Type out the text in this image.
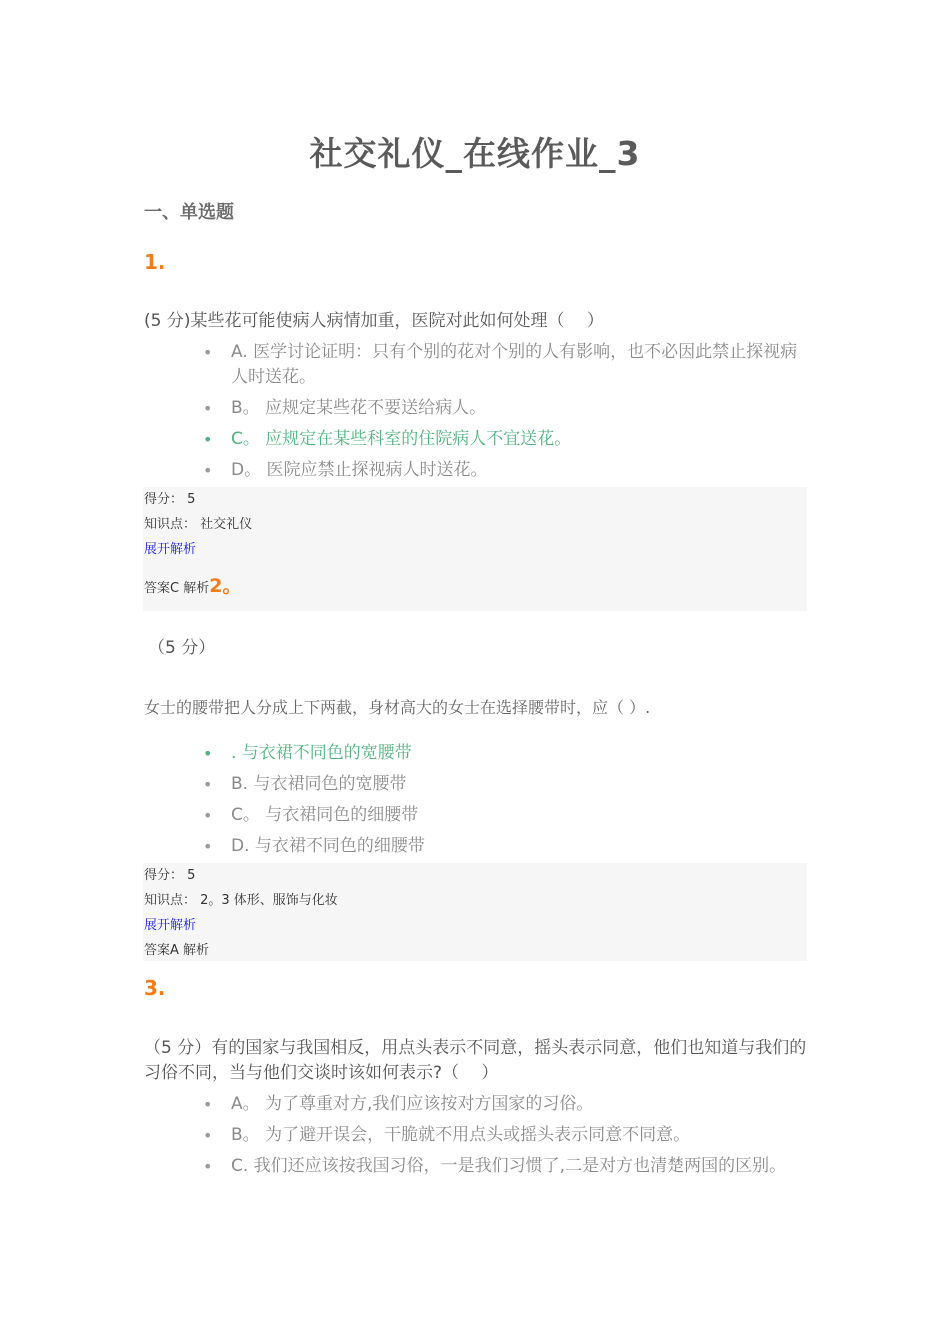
社交礼仪_在线作业_3
一、单选题
1.
(5 分)某些花可能使病人病情加重，医院对此如何处理（　 ）
• A. 医学讨论证明：只有个别的花对个别的人有影响，也不必因此禁止探视病人时送花。
• B。 应规定某些花不要送给病人。
• C。 应规定在某些科室的住院病人不宜送花。
• D。 医院应禁止探视病人时送花。
得分： 5
知识点： 社交礼仪
展开解析
答案C 解析2。
（5 分）
女士的腰带把人分成上下两截，身材高大的女士在选择腰带时，应（ ）.
• . 与衣裙不同色的宽腰带
• B. 与衣裙同色的宽腰带
• C。 与衣裙同色的细腰带
• D. 与衣裙不同色的细腰带
得分： 5
知识点： 2。3 体形、服饰与化妆
展开解析
答案A 解析
3.
（5 分）有的国家与我国相反，用点头表示不同意，摇头表示同意，他们也知道与我们的习俗不同，当与他们交谈时该如何表示?（　 ）
• A。 为了尊重对方,我们应该按对方国家的习俗。
• B。 为了避开误会，干脆就不用点头或摇头表示同意不同意。
• C. 我们还应该按我国习俗，一是我们习惯了,二是对方也清楚两国的区别。
